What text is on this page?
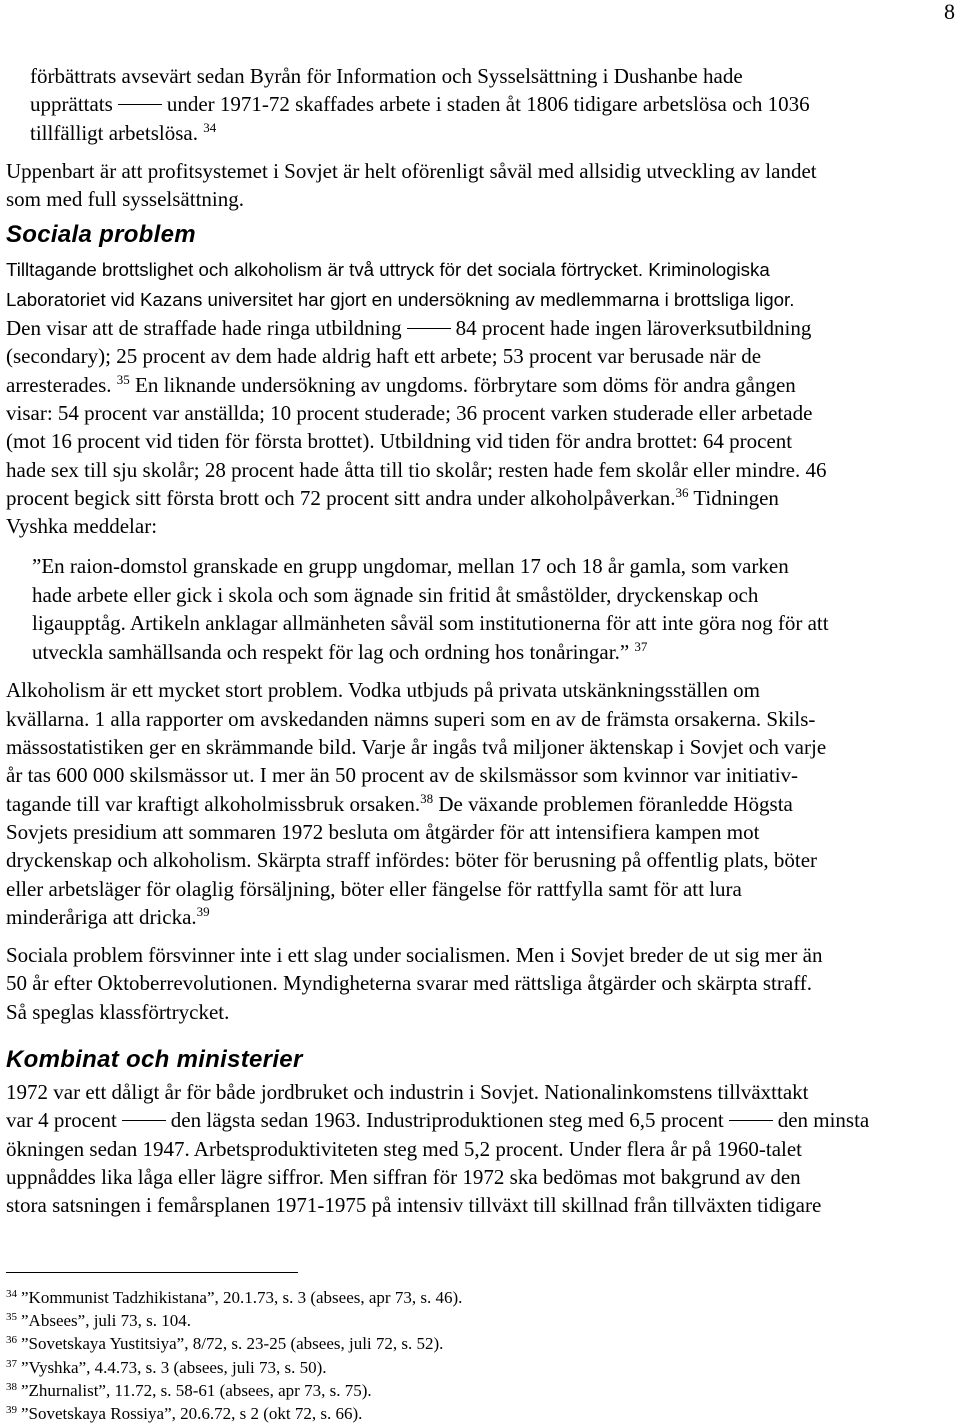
8

förbättrats avsevärt sedan Byrån för Information och Sysselsättning i Dushanbe hade
upprättats	under 1971-72 skaffades arbete i staden åt 1806 tidigare arbetslösa och 1036
tillfälligt arbetslösa. $^{34}$

Uppenbart är att profitsystemet i Sovjet är helt oförenligt såväl med allsidig utveckling av landet
som med full sysselsättning.

Sociala problem

Tilltagande brottslighet och alkoholism är två uttryck för det sociala förtrycket. Kriminologiska
Laboratoriet vid Kazans universitet har gjort en undersökning av medlemmarna i brottsliga ligor.
Den visar att de straffade hade ringa utbildning	84 procent hade ingen läroverksutbildning
(secondary); 25 procent av dem hade aldrig haft ett arbete; 53 procent var berusade när de
arresterades. $^{35}$ En liknande undersökning av ungdoms. förbrytare som döms för andra gången
visar: 54 procent var anställda; 10 procent studerade; 36 procent varken studerade eller arbetade
(mot 16 procent vid tiden för första brottet). Utbildning vid tiden för andra brottet: 64 procent
hade sex till sju skolår; 28 procent hade åtta till tio skolår; resten hade fem skolår eller mindre. 46
procent begick sitt första brott och 72 procent sitt andra under alkoholpåverkan.$^{36}$ Tidningen
Vyshka meddelar:

”En raion-domstol granskade en grupp ungdomar, mellan 17 och 18 år gamla, som varken
hade arbete eller gick i skola och som ägnade sin fritid åt småstölder, dryckenskap och
ligaupptåg. Artikeln anklagar allmänheten såväl som institutionerna för att inte göra nog för att
utveckla samhällsanda och respekt för lag och ordning hos tonåringar.” $^{37}$

Alkoholism är ett mycket stort problem. Vodka utbjuds på privata utskänkningsställen om
kvällarna. 1 alla rapporter om avskedanden nämns superi som en av de främsta orsakerna. Skils-
mässostatistiken ger en skrämmande bild. Varje år ingås två miljoner äktenskap i Sovjet och varje
år tas 600 000 skilsmässor ut. I mer än 50 procent av de skilsmässor som kvinnor var initiativ-
tagande till var kraftigt alkoholmissbruk orsaken.$^{38}$ De växande problemen föranledde Högsta
Sovjets presidium att sommaren 1972 besluta om åtgärder för att intensifiera kampen mot
dryckenskap och alkoholism. Skärpta straff infördes: böter för berusning på offentlig plats, böter
eller arbetsläger för olaglig försäljning, böter eller fängelse för rattfylla samt för att lura
minderåriga att dricka.$^{39}$

Sociala problem försvinner inte i ett slag under socialismen. Men i Sovjet breder de ut sig mer än
50 år efter Oktoberrevolutionen. Myndigheterna svarar med rättsliga åtgärder och skärpta straff.
Så speglas klassförtrycket.

Kombinat och ministerier

1972 var ett dåligt år för både jordbruket och industrin i Sovjet. Nationalinkomstens tillväxttakt
var 4 procent	den lägsta sedan 1963. Industriproduktionen steg med 6,5 procent	den minsta
ökningen sedan 1947. Arbetsproduktiviteten steg med 5,2 procent. Under flera år på 1960-talet
uppnåddes lika låga eller lägre siffror. Men siffran för 1972 ska bedömas mot bakgrund av den
stora satsningen i femårsplanen 1971-1975 på intensiv tillväxt till skillnad från tillväxten tidigare

$^{34}$ ”Kommunist Tadzhikistana”, 20.1.73, s. 3 (absees, apr 73, s. 46).
$^{35}$ ”Absees”, juli 73, s. 104.
$^{36}$ ”Sovetskaya Yustitsiya”, 8/72, s. 23-25 (absees, juli 72, s. 52).
$^{37}$ ”Vyshka”, 4.4.73, s. 3 (absees, juli 73, s. 50).
$^{38}$ ”Zhurnalist”, 11.72, s. 58-61 (absees, apr 73, s. 75).
$^{39}$ ”Sovetskaya Rossiya”, 20.6.72, s 2 (okt 72, s. 66).
